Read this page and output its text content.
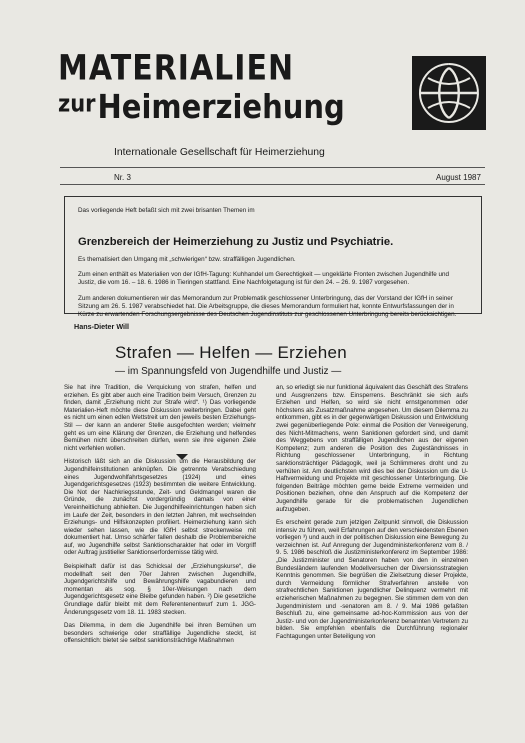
MATERIALIEN
$^{zur}$Heimerziehung
Internationale Gesellschaft für Heimerziehung
Nr. 3	August 1987

Das vorliegende Heft befaßt sich mit zwei brisanten Themen im

Grenzbereich der Heimerziehung zu Justiz und Psychiatrie.

Es thematisiert den Umgang mit „schwierigen“ bzw. straffälligen Jugendlichen.

Zum einen enthält es Materialien von der IGfH-Tagung: Kuhhandel um Gerechtigkeit — ungeklärte Fronten zwischen Jugendhilfe und Justiz, die vom 16. – 18. 6. 1986 in Tieringen stattfand. Eine Nachfolgetagung ist für den 24. – 26. 9. 1987 vorgesehen.

Zum anderen dokumentieren wir das Memorandum zur Problematik geschlossener Unterbringung, das der Vorstand der IGfH in seiner Sitzung am 26. 5. 1987 verabschiedet hat. Die Arbeitsgruppe, die dieses Memorandum formuliert hat, konnte Entwurfsfassungen der in Kürze zu erwartenden Forschungsergebnisse des Deutschen Jugendinstituts zur geschlossenen Unterbringung bereits berücksichtigen.

Hans-Dieter Will
Strafen — Helfen — Erziehen
— im Spannungsfeld von Jugendhilfe und Justiz —

Sie hat ihre Tradition, die Verquickung von strafen, helfen und erziehen. Es gibt aber auch eine Tradition beim Versuch, Grenzen zu finden, damit „Erziehung nicht zur Strafe wird“. ¹) Das vorliegende Materialien-Heft möchte diese Diskussion weiterbringen. Dabei geht es nicht um einen edlen Wettstreit um den jeweils besten Erziehungs-Stil — der kann an anderer Stelle ausgefochten werden; vielmehr geht es um eine Klärung der Grenzen, die Erziehung und helfendes Bemühen nicht überschreiten dürfen, wenn sie ihre eigenen Ziele nicht verfehlen wollen.

Historisch läßt sich an die Diskussion um die Herausbildung der Jugendhilfeinstitutionen anknüpfen. Die getrennte Verabschiedung eines Jugendwohlfahrtsgesetzes (1924) und eines Jugendgerichtsgesetzes (1923) bestimmten die weitere Entwicklung. Die Not der Nachkriegsstunde, Zeit- und Geldmangel waren die Gründe, die zunächst vordergründig damals von einer Vereinheitlichung abhielten. Die Jugendhilfeeinrichtungen haben sich im Laufe der Zeit, besonders in den letzten Jahren, mit wechselnden Erziehungs- und Hilfskonzepten profiliert. Heimerziehung kann sich wieder sehen lassen, wie die IGfH selbst streckenweise mit dokumentiert hat. Umso schärfer fallen deshalb die Problembereiche auf, wo Jugendhilfe selbst Sanktionscharakter hat oder im Vorgriff oder Auftrag justitieller Sanktionserfordernisse tätig wird.

Beispielhaft dafür ist das Schicksal der „Erziehungskurse“, die modellhaft seit den 70er Jahren zwischen Jugendhilfe, Jugendgerichtshilfe und Bewährungshilfe vagabundieren und momentan als sog. § 10er-Weisungen nach dem Jugendgerichtsgesetz eine Bleibe gefunden haben. ²) Die gesetzliche Grundlage dafür bleibt mit dem Referentenentwurf zum 1. JGG-Änderungsgesetz vom 18. 11. 1983 stecken.

Das Dilemma, in dem die Jugendhilfe bei ihren Bemühen um besonders schwierige oder straffällige Jugendliche steckt, ist offensichtlich: bietet sie selbst sanktionsträchtige Maßnahmen

an, so erledigt sie nur funktional äquivalent das Geschäft des Strafens und Ausgrenzens bzw. Einsperrens. Beschränkt sie sich aufs Erziehen und Helfen, so wird sie nicht ernstgenommen oder höchstens als Zusatzmaßnahme angesehen. Um diesem Dilemma zu entkommen, gibt es in der gegenwärtigen Diskussion und Entwicklung zwei gegenüberliegende Pole: einmal die Position der Verweigerung, des Nicht-Mitmachens, wenn Sanktionen gefordert sind, und damit des Weggebens von straffälligen Jugendlichen aus der eigenen Kompetenz; zum anderen die Position des Zugeständnisses in Richtung geschlossener Unterbringung, in Richtung sanktionsträchtiger Pädagogik, weil ja Schlimmeres droht und zu verhüten ist. Am deutlichsten wird dies bei der Diskussion um die U-Haftvermeidung und Projekte mit geschlossener Unterbringung. Die folgenden Beiträge möchten gerne beide Extreme vermeiden und Positionen beziehen, ohne den Anspruch auf die Kompetenz der Jugendhilfe gerade für die problematischen Jugendlichen aufzugeben.

Es erscheint gerade zum jetzigen Zeitpunkt sinnvoll, die Diskussion intensiv zu führen, weil Erfahrungen auf den verschiedensten Ebenen vorliegen ³) und auch in der politischen Diskussion eine Bewegung zu verzeichnen ist. Auf Anregung der Jugendministerkonferenz vom 8. / 9. 5. 1986 beschloß die Justizministerkonferenz im September 1986: „Die Justizminister und Senatoren haben von den in einzelnen Bundesländern laufenden Modellversuchen der Diversionsstrategien Kenntnis genommen. Sie begrüßen die Zielsetzung dieser Projekte, durch Vermeidung förmlicher Strafverfahren anstelle von strafrechtlichen Sanktionen jugendlicher Delinquenz vermehrt mit erzieherischen Maßnahmen zu begegnen. Sie stimmen dem von den Jugendministern und -senatoren am 8. / 9. Mai 1986 gefaßten Beschluß zu, eine gemeinsame ad-hoc-Kommission aus von der Justiz- und von der Jugendministerkonferenz benannten Vertretern zu bilden. Sie empfehlen ebenfalls die Durchführung regionaler Fachtagungen unter Beteiligung von
